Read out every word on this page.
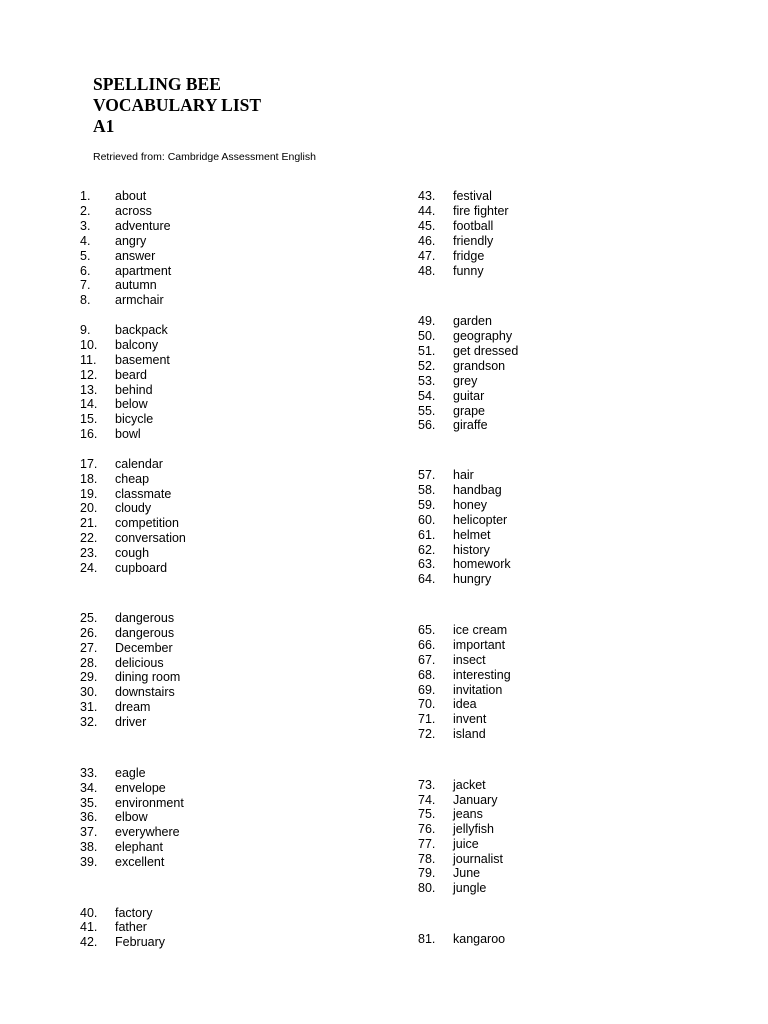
SPELLING BEE
VOCABULARY LIST
A1
Retrieved from: Cambridge Assessment English
1. about
2. across
3. adventure
4. angry
5. answer
6. apartment
7. autumn
8. armchair
9. backpack
10. balcony
11. basement
12. beard
13. behind
14. below
15. bicycle
16. bowl
17. calendar
18. cheap
19. classmate
20. cloudy
21. competition
22. conversation
23. cough
24. cupboard
25. dangerous
26. dangerous
27. December
28. delicious
29. dining room
30. downstairs
31. dream
32. driver
33. eagle
34. envelope
35. environment
36. elbow
37. everywhere
38. elephant
39. excellent
40. factory
41. father
42. February
43. festival
44. fire fighter
45. football
46. friendly
47. fridge
48. funny
49. garden
50. geography
51. get dressed
52. grandson
53. grey
54. guitar
55. grape
56. giraffe
57. hair
58. handbag
59. honey
60. helicopter
61. helmet
62. history
63. homework
64. hungry
65. ice cream
66. important
67. insect
68. interesting
69. invitation
70. idea
71. invent
72. island
73. jacket
74. January
75. jeans
76. jellyfish
77. juice
78. journalist
79. June
80. jungle
81. kangaroo
